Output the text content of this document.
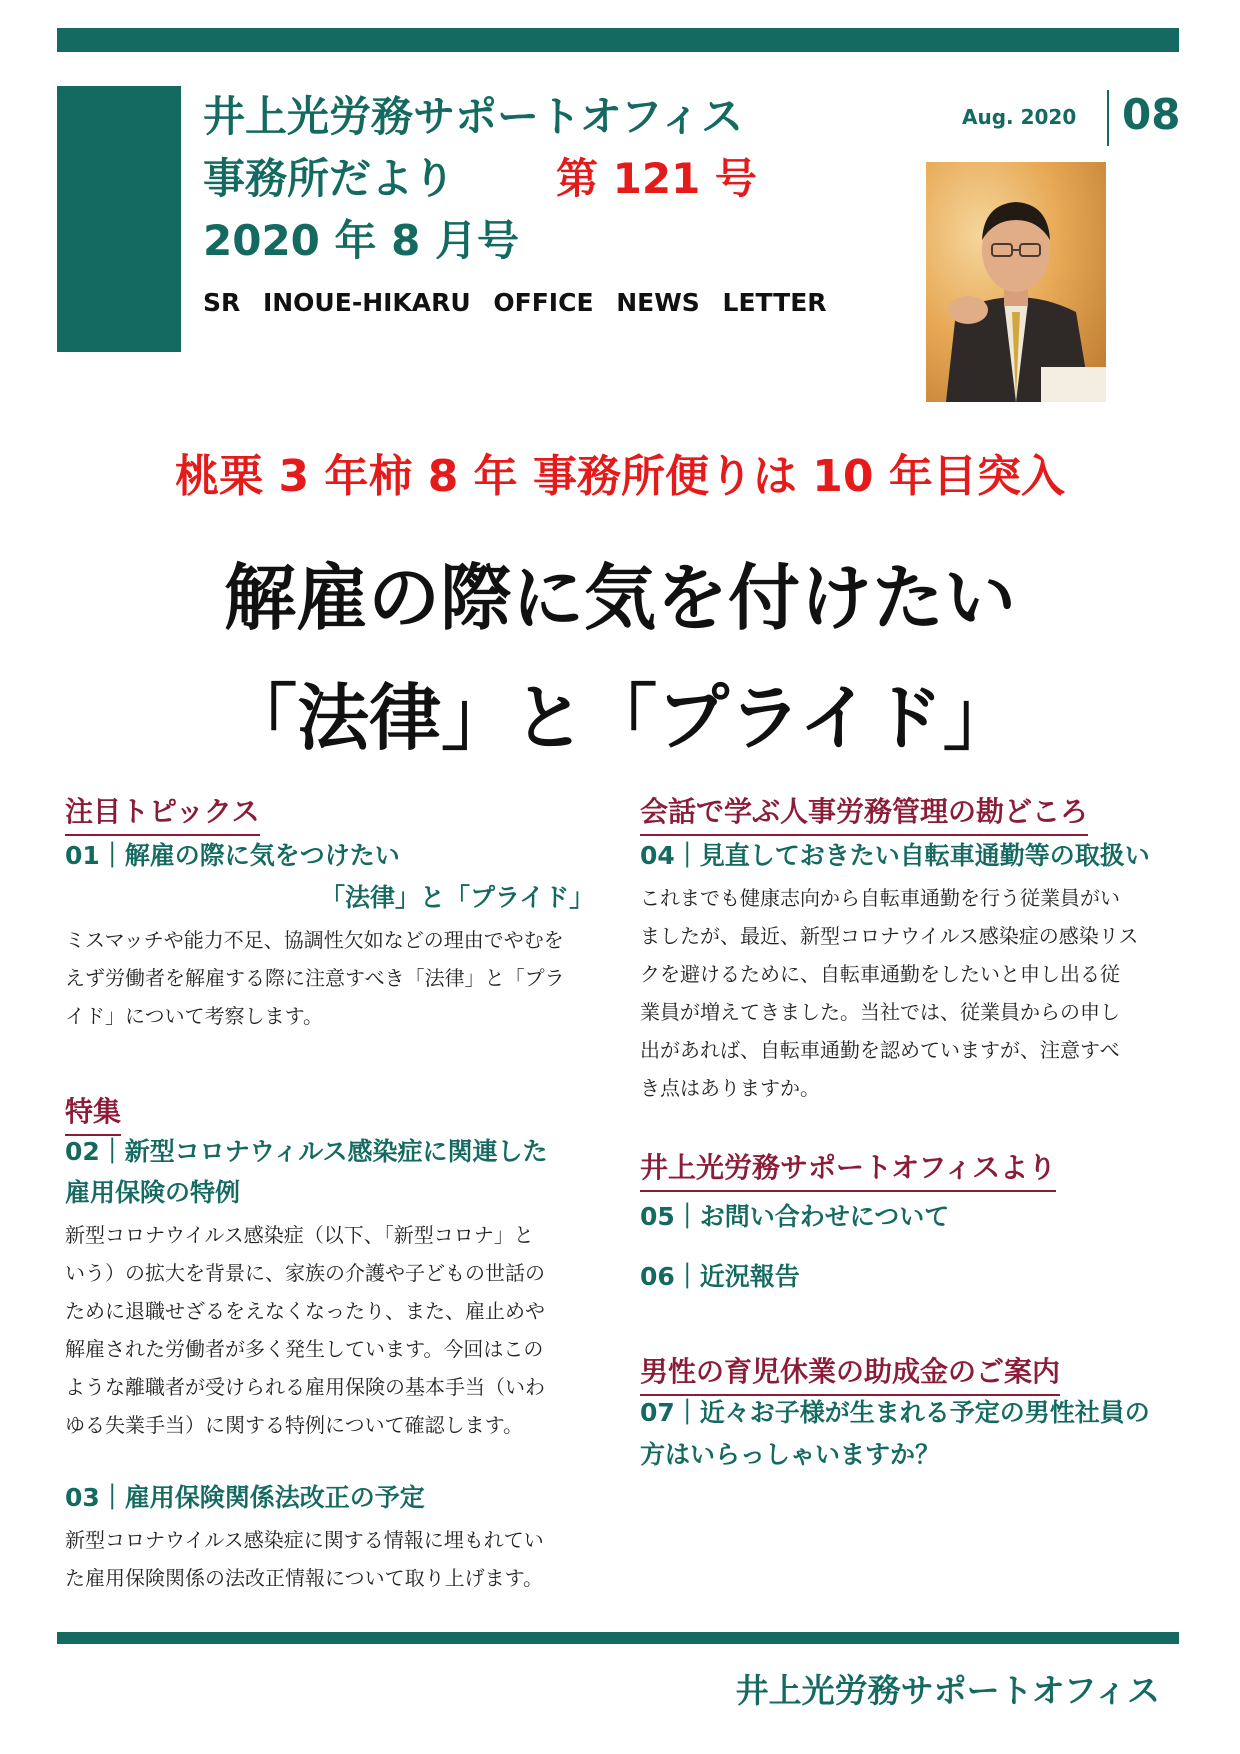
井上光労務サポートオフィス
事務所だより 第 121 号
2020 年 8 月号
SR INOUE-HIKARU OFFICE NEWS LETTER
Aug. 2020 08
桃栗 3 年柿 8 年 事務所便りは 10 年目突入
解雇の際に気を付けたい
「法律」と「プライド」
注目トピックス
01｜解雇の際に気をつけたい
「法律」と「プライド」
ミスマッチや能力不足、協調性欠如などの理由でやむを
えず労働者を解雇する際に注意すべき「法律」と「プラ
イド」について考察します。
特集
02｜新型コロナウィルス感染症に関連した
雇用保険の特例
新型コロナウイルス感染症（以下、「新型コロナ」と
いう）の拡大を背景に、家族の介護や子どもの世話の
ために退職せざるをえなくなったり、また、雇止めや
解雇された労働者が多く発生しています。今回はこの
ような離職者が受けられる雇用保険の基本手当（いわ
ゆる失業手当）に関する特例について確認します。
03｜雇用保険関係法改正の予定
新型コロナウイルス感染症に関する情報に埋もれてい
た雇用保険関係の法改正情報について取り上げます。
会話で学ぶ人事労務管理の勘どころ
04｜見直しておきたい自転車通勤等の取扱い
これまでも健康志向から自転車通勤を行う従業員がい
ましたが、最近、新型コロナウイルス感染症の感染リス
クを避けるために、自転車通勤をしたいと申し出る従
業員が増えてきました。当社では、従業員からの申し
出があれば、自転車通勤を認めていますが、注意すべ
き点はありますか。
井上光労務サポートオフィスより
05｜お問い合わせについて
06｜近況報告
男性の育児休業の助成金のご案内
07｜近々お子様が生まれる予定の男性社員の
方はいらっしゃいますか？
井上光労務サポートオフィス
